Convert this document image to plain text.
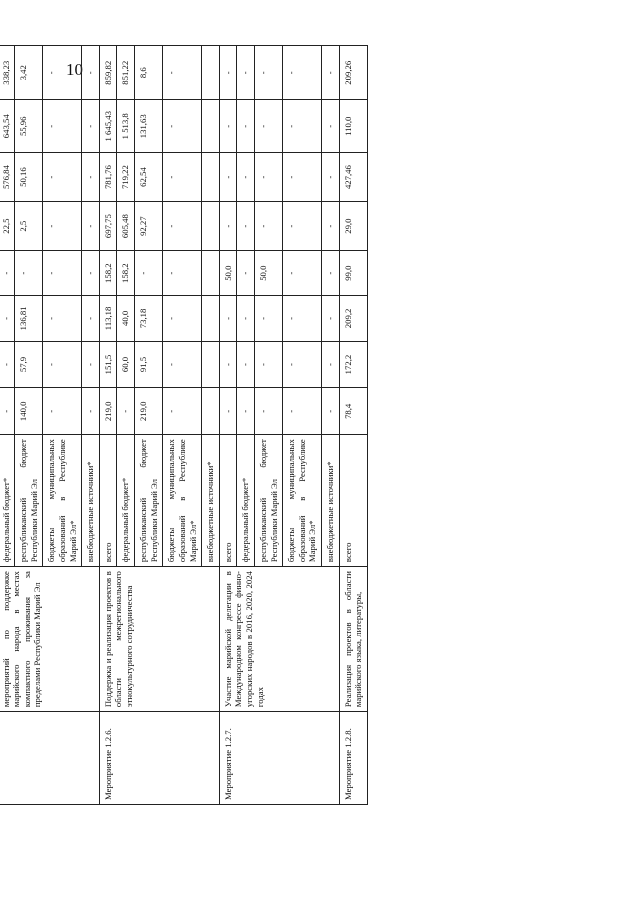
10

	мероприятий по поддержке марийского народа в местах компактного проживания за пределами Республики Марий Эл	федеральный бюджет*	-	-	-	-	22,5	576,84	643,54	338,23
		республиканский бюджет Республики Марий Эл	140,0	57,9	136,81	-	2,5	50,16	55,96	3,42
		бюджеты муниципальных образований в Республике Марий Эл*	-	-	-	-	-	-	-	-
		внебюджетные источники*	-	-	-	-	-	-	-	-
Мероприятие 1.2.6.	Поддержка и реализация проектов в области межрегионального этнокультурного сотрудничества	всего	219,0	151,5	113,18	158,2	697,75	781,76	1 645,43	859,82
		федеральный бюджет*	-	60,0	40,0	158,2	605,48	719,22	1 513,8	851,22
		республиканский бюджет Республики Марий Эл	219,0	91,5	73,18	-	92,27	62,54	131,63	8,6
		бюджеты муниципальных образований в Республике Марий Эл*	-	-	-	-	-	-	-	-
		внебюджетные источники*								
Мероприятие 1.2.7.	Участие марийской делегации в Международном конгрессе финно-угорских народов в 2016, 2020, 2024 годах	всего	-	-	-	50,0	-	-	-	-
		федеральный бюджет*	-	-	-	-	-	-	-	-
		республиканский бюджет Республики Марий Эл	-	-	-	50,0	-	-	-	-
		бюджеты муниципальных образований в Республике Марий Эл*	-	-	-	-	-	-	-	-
		внебюджетные источники*	-	-	-	-	-	-	-	-
Мероприятие 1.2.8.	Реализация проектов в области марийского языка, литературы,	всего	78,4	172,2	209,2	99,0	29,0	427,46	110,0	209,26
